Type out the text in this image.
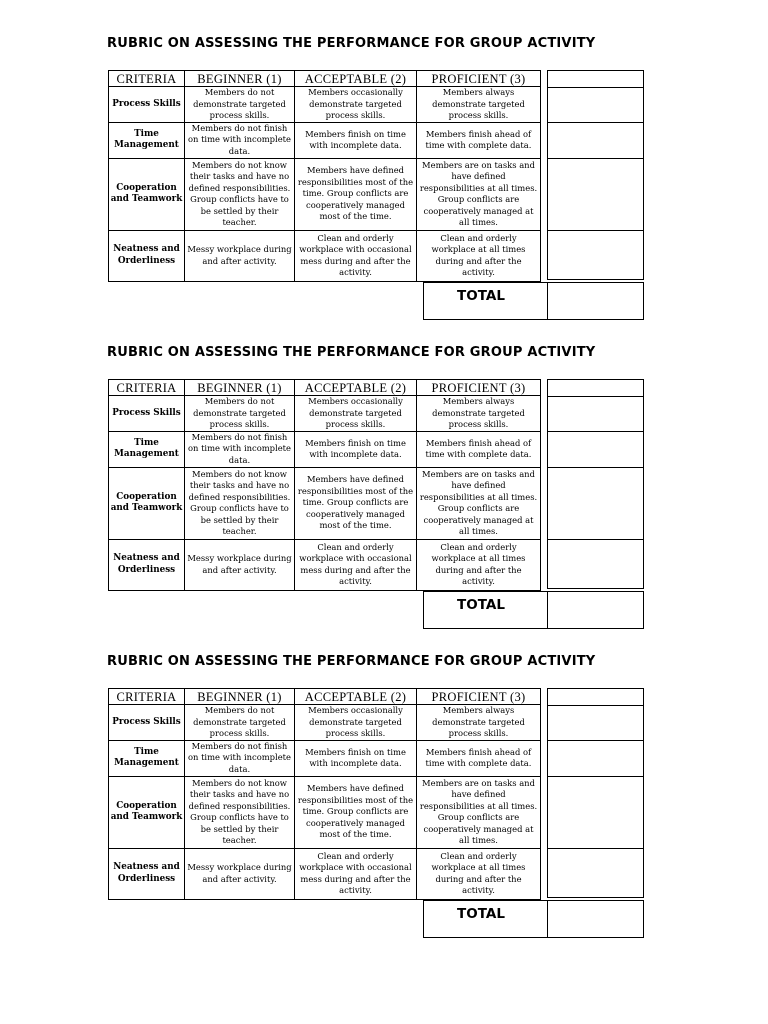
RUBRIC ON ASSESSING THE PERFORMANCE FOR GROUP ACTIVITY
CRITERIA	BEGINNER (1)	ACCEPTABLE (2)	PROFICIENT (3)
Process Skills	Members do not demonstrate targeted process skills.	Members occasionally demonstrate targeted process skills.	Members always demonstrate targeted process skills.
Time Management	Members do not finish on time with incomplete data.	Members finish on time with incomplete data.	Members finish ahead of time with complete data.
Cooperation and Teamwork	Members do not know their tasks and have no defined responsibilities. Group conflicts have to be settled by their teacher.	Members have defined responsibilities most of the time. Group conflicts are cooperatively managed most of the time.	Members are on tasks and have defined responsibilities at all times. Group conflicts are cooperatively managed at all times.
Neatness and Orderliness	Messy workplace during and after activity.	Clean and orderly workplace with occasional mess during and after the activity.	Clean and orderly workplace at all times during and after the activity.
TOTAL
RUBRIC ON ASSESSING THE PERFORMANCE FOR GROUP ACTIVITY
CRITERIA	BEGINNER (1)	ACCEPTABLE (2)	PROFICIENT (3)
Process Skills	Members do not demonstrate targeted process skills.	Members occasionally demonstrate targeted process skills.	Members always demonstrate targeted process skills.
Time Management	Members do not finish on time with incomplete data.	Members finish on time with incomplete data.	Members finish ahead of time with complete data.
Cooperation and Teamwork	Members do not know their tasks and have no defined responsibilities. Group conflicts have to be settled by their teacher.	Members have defined responsibilities most of the time. Group conflicts are cooperatively managed most of the time.	Members are on tasks and have defined responsibilities at all times. Group conflicts are cooperatively managed at all times.
Neatness and Orderliness	Messy workplace during and after activity.	Clean and orderly workplace with occasional mess during and after the activity.	Clean and orderly workplace at all times during and after the activity.
TOTAL
RUBRIC ON ASSESSING THE PERFORMANCE FOR GROUP ACTIVITY
CRITERIA	BEGINNER (1)	ACCEPTABLE (2)	PROFICIENT (3)
Process Skills	Members do not demonstrate targeted process skills.	Members occasionally demonstrate targeted process skills.	Members always demonstrate targeted process skills.
Time Management	Members do not finish on time with incomplete data.	Members finish on time with incomplete data.	Members finish ahead of time with complete data.
Cooperation and Teamwork	Members do not know their tasks and have no defined responsibilities. Group conflicts have to be settled by their teacher.	Members have defined responsibilities most of the time. Group conflicts are cooperatively managed most of the time.	Members are on tasks and have defined responsibilities at all times. Group conflicts are cooperatively managed at all times.
Neatness and Orderliness	Messy workplace during and after activity.	Clean and orderly workplace with occasional mess during and after the activity.	Clean and orderly workplace at all times during and after the activity.
TOTAL
